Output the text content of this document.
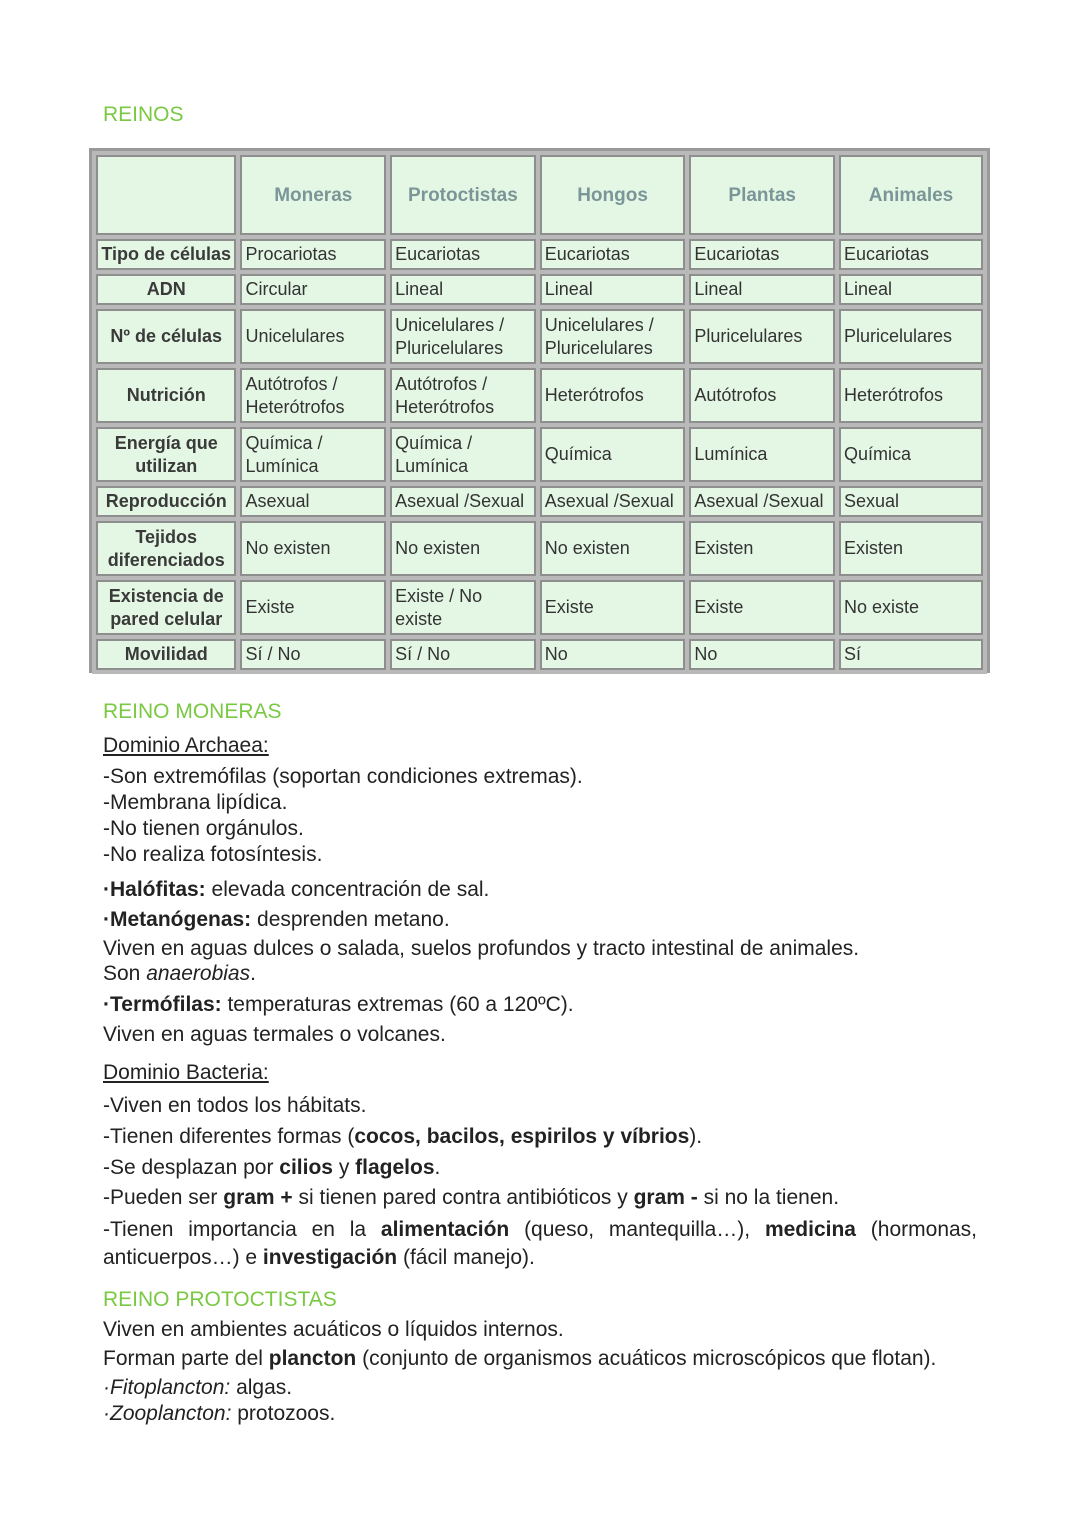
REINOS
	Moneras	Protoctistas	Hongos	Plantas	Animales
Tipo de células	Procariotas	Eucariotas	Eucariotas	Eucariotas	Eucariotas
ADN	Circular	Lineal	Lineal	Lineal	Lineal
Nº de células	Unicelulares	Unicelulares / Pluricelulares	Unicelulares / Pluricelulares	Pluricelulares	Pluricelulares
Nutrición	Autótrofos / Heterótrofos	Autótrofos / Heterótrofos	Heterótrofos	Autótrofos	Heterótrofos
Energía que utilizan	Química / Lumínica	Química / Lumínica	Química	Lumínica	Química
Reproducción	Asexual	Asexual /Sexual	Asexual /Sexual	Asexual /Sexual	Sexual
Tejidos diferenciados	No existen	No existen	No existen	Existen	Existen
Existencia de pared celular	Existe	Existe / No existe	Existe	Existe	No existe
Movilidad	Sí / No	Sí / No	No	No	Sí
REINO MONERAS
Dominio Archaea:
-Son extremófilas (soportan condiciones extremas).
-Membrana lipídica.
-No tienen orgánulos.
-No realiza fotosíntesis.
·Halófitas: elevada concentración de sal.
·Metanógenas: desprenden metano.
Viven en aguas dulces o salada, suelos profundos y tracto intestinal de animales.
Son anaerobias.
·Termófilas: temperaturas extremas (60 a 120ºC).
Viven en aguas termales o volcanes.
Dominio Bacteria:
-Viven en todos los hábitats.
-Tienen diferentes formas (cocos, bacilos, espirilos y víbrios).
-Se desplazan por cilios y flagelos.
-Pueden ser gram + si tienen pared contra antibióticos y gram - si no la tienen.
-Tienen importancia en la alimentación (queso, mantequilla…), medicina (hormonas, anticuerpos…) e investigación (fácil manejo).
REINO PROTOCTISTAS
Viven en ambientes acuáticos o líquidos internos.
Forman parte del plancton (conjunto de organismos acuáticos microscópicos que flotan).
·Fitoplancton: algas.
·Zooplancton: protozoos.
